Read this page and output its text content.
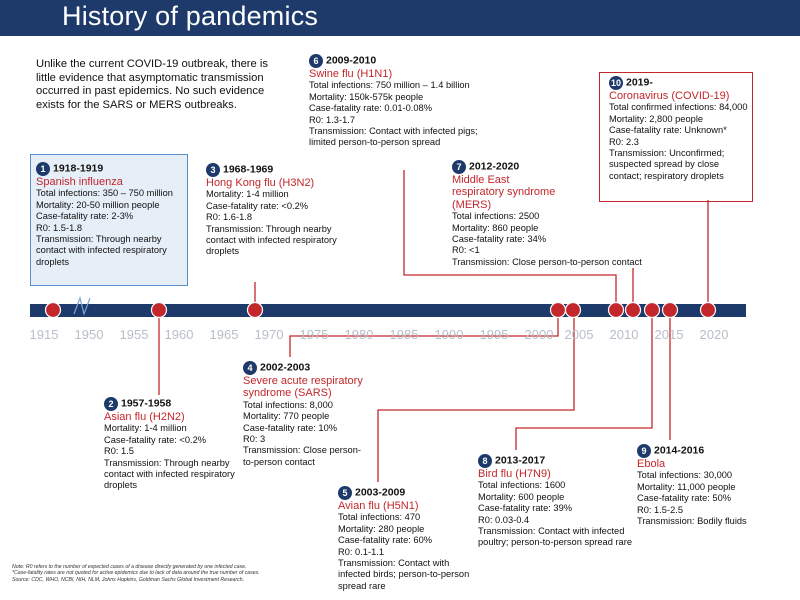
History of pandemics
Unlike the current COVID-19 outbreak, there is little evidence that asymptomatic transmission occurred in past epidemics. No such evidence exists for the SARS or MERS outbreaks.
1915 1950 1955 1960 1965 1970 1975 1980 1985 1990 1995 2000 2005 2010 2015 2020
1 1918-1919
Spanish influenza
Total infections: 350 – 750 million
Mortality: 20-50 million people
Case-fatality rate: 2-3%
R0: 1.5-1.8
Transmission: Through nearby contact with infected respiratory droplets
2 1957-1958
Asian flu (H2N2)
Mortality: 1-4 million
Case-fatality rate: <0.2%
R0: 1.5
Transmission: Through nearby contact with infected respiratory droplets
3 1968-1969
Hong Kong flu (H3N2)
Mortality: 1-4 million
Case-fatality rate: <0.2%
R0: 1.6-1.8
Transmission: Through nearby contact with infected respiratory droplets
4 2002-2003
Severe acute respiratory syndrome (SARS)
Total infections: 8,000
Mortality: 770 people
Case-fatality rate: 10%
R0: 3
Transmission: Close person-to-person contact
5 2003-2009
Avian flu (H5N1)
Total infections: 470
Mortality: 280 people
Case-fatality rate: 60%
R0: 0.1-1.1
Transmission: Contact with infected birds; person-to-person spread rare
6 2009-2010
Swine flu (H1N1)
Total infections: 750 million – 1.4 billion
Mortality: 150k-575k people
Case-fatality rate: 0.01-0.08%
R0: 1.3-1.7
Transmission: Contact with infected pigs; limited person-to-person spread
7 2012-2020
Middle East respiratory syndrome (MERS)
Total infections: 2500
Mortality: 860 people
Case-fatality rate: 34%
R0: <1
Transmission: Close person-to-person contact
8 2013-2017
Bird flu (H7N9)
Total infections: 1600
Mortality: 600 people
Case-fatality rate: 39%
R0: 0.03-0.4
Transmission: Contact with infected poultry; person-to-person spread rare
9 2014-2016
Ebola
Total infections: 30,000
Mortality: 11,000 people
Case-fatality rate: 50%
R0: 1.5-2.5
Transmission: Bodily fluids
10 2019-
Coronavirus (COVID-19)
Total confirmed infections: 84,000
Mortality: 2,800 people
Case-fatality rate: Unknown*
R0: 2.3
Transmission: Unconfirmed; suspected spread by close contact; respiratory droplets
Note: R0 refers to the number of expected cases of a disease directly generated by one infected case.
*Case-fatality rates are not quoted for active epidemics due to lack of data around the true number of cases.
Source: CDC, WHO, NCBI, NIH, NLM, Johns Hopkins, Goldman Sachs Global Investment Research.
